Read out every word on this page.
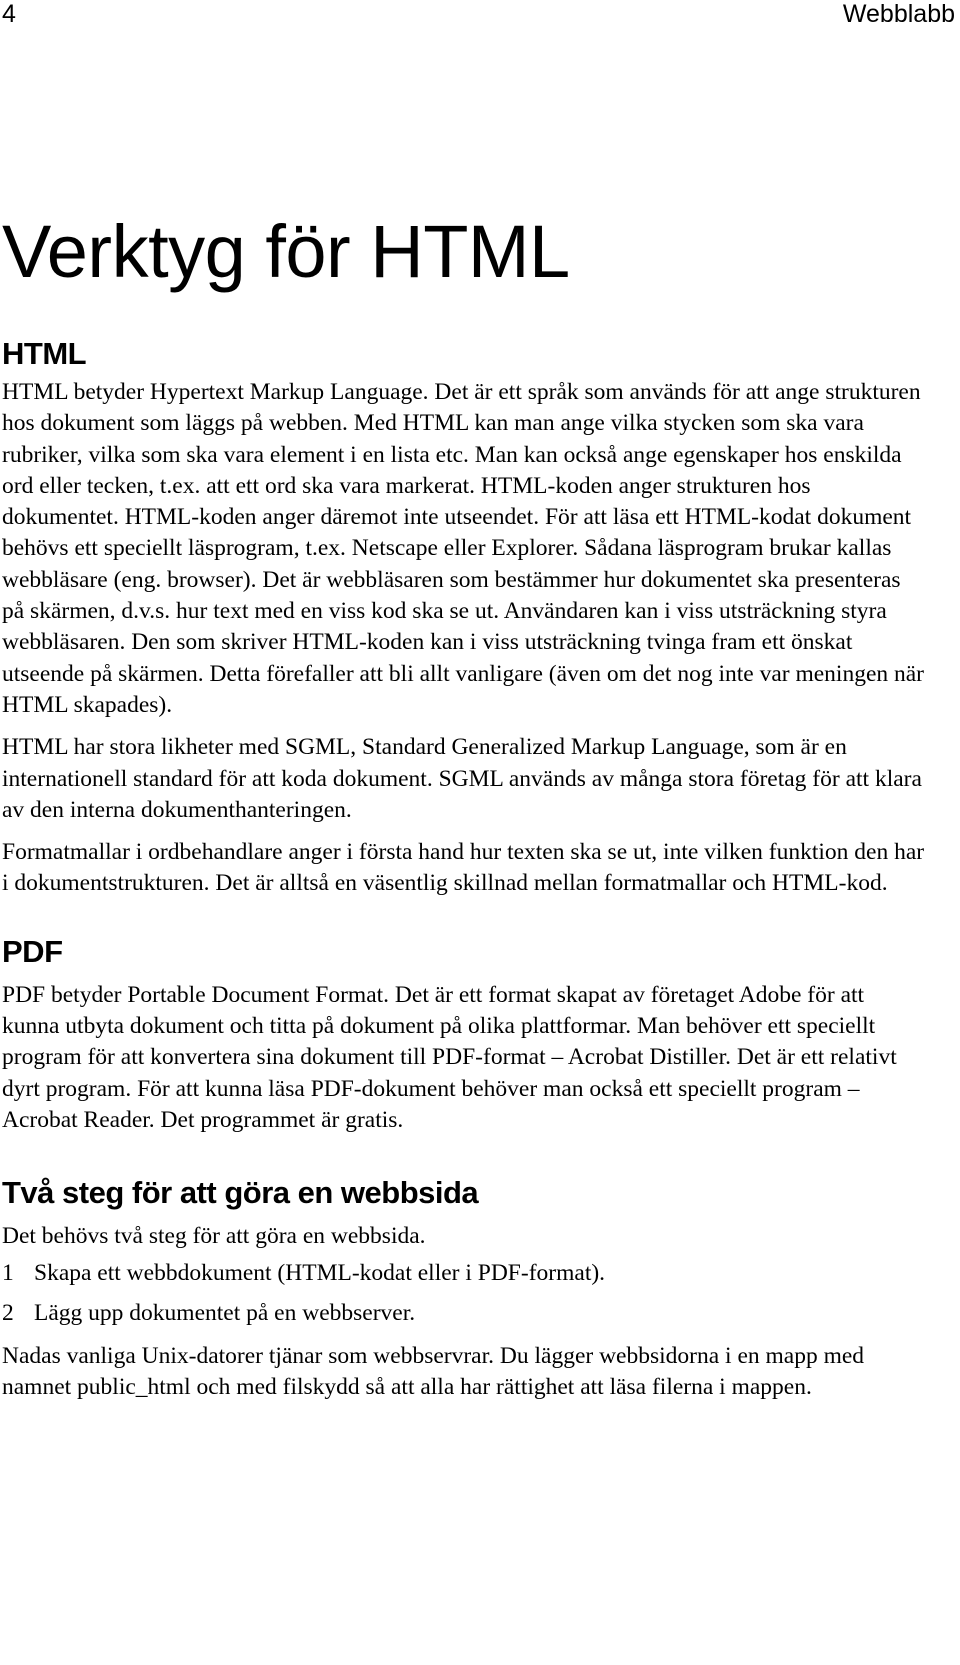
4	Webblabb
Verktyg för HTML
HTML

HTML betyder Hypertext Markup Language. Det är ett språk som används för att ange strukturen hos dokument som läggs på webben. Med HTML kan man ange vilka stycken som ska vara rubriker, vilka som ska vara element i en lista etc. Man kan också ange egenskaper hos enskilda ord eller tecken, t.ex. att ett ord ska vara markerat. HTML-koden anger strukturen hos dokumentet. HTML-koden anger däremot inte utseendet. För att läsa ett HTML-kodat dokument behövs ett speciellt läsprogram, t.ex. Netscape eller Explorer. Sådana läsprogram brukar kallas webbläsare (eng. browser). Det är webbläsaren som bestämmer hur dokumentet ska presenteras på skärmen, d.v.s. hur text med en viss kod ska se ut. Användaren kan i viss utsträckning styra webbläsaren. Den som skriver HTML-koden kan i viss utsträckning tvinga fram ett önskat utseende på skärmen. Detta förefaller att bli allt vanligare (även om det nog inte var meningen när HTML skapades).

HTML har stora likheter med SGML, Standard Generalized Markup Language, som är en internationell standard för att koda dokument. SGML används av många stora företag för att klara av den interna dokumenthanteringen.

Formatmallar i ordbehandlare anger i första hand hur texten ska se ut, inte vilken funktion den har i dokumentstrukturen. Det är alltså en väsentlig skillnad mellan formatmallar och HTML-kod.

PDF

PDF betyder Portable Document Format. Det är ett format skapat av företaget Adobe för att kunna utbyta dokument och titta på dokument på olika plattformar. Man behöver ett speciellt program för att konvertera sina dokument till PDF-format – Acrobat Distiller. Det är ett relativt dyrt program. För att kunna läsa PDF-dokument behöver man också ett speciellt program – Acrobat Reader. Det programmet är gratis.

Två steg för att göra en webbsida

Det behövs två steg för att göra en webbsida.

1 Skapa ett webbdokument (HTML-kodat eller i PDF-format).
2 Lägg upp dokumentet på en webbserver.

Nadas vanliga Unix-datorer tjänar som webbservrar. Du lägger webbsidorna i en mapp med namnet public_html och med filskydd så att alla har rättighet att läsa filerna i mappen.
